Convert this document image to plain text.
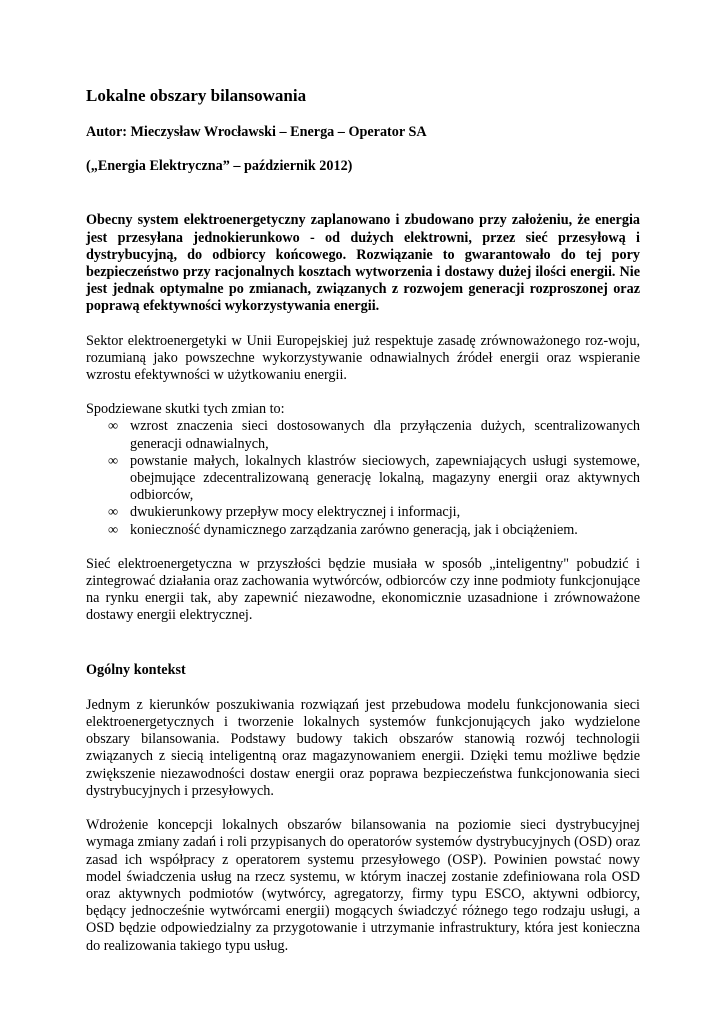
Lokalne obszary bilansowania
Autor: Mieczysław Wrocławski – Energa – Operator SA
(„Energia Elektryczna” – październik 2012)

Obecny system elektroenergetyczny zaplanowano i zbudowano przy założeniu, że energia jest przesyłana jednokierunkowo - od dużych elektrowni, przez sieć przesyłową i dystrybucyjną, do odbiorcy końcowego. Rozwiązanie to gwarantowało do tej pory bezpieczeństwo przy racjonalnych kosztach wytworzenia i dostawy dużej ilości energii. Nie jest jednak optymalne po zmianach, związanych z rozwojem generacji rozproszonej oraz poprawą efektywności wykorzystywania energii.

Sektor elektroenergetyki w Unii Europejskiej już respektuje zasadę zrównoważonego roz-woju, rozumianą jako powszechne wykorzystywanie odnawialnych źródeł energii oraz wspieranie wzrostu efektywności w użytkowaniu energii.

Spodziewane skutki tych zmian to:
∞ wzrost znaczenia sieci dostosowanych dla przyłączenia dużych, scentralizowanych generacji odnawialnych,
∞ powstanie małych, lokalnych klastrów sieciowych, zapewniających usługi systemowe, obejmujące zdecentralizowaną generację lokalną, magazyny energii oraz aktywnych odbiorców,
∞ dwukierunkowy przepływ mocy elektrycznej i informacji,
∞ konieczność dynamicznego zarządzania zarówno generacją, jak i obciążeniem.

Sieć elektroenergetyczna w przyszłości będzie musiała w sposób „inteligentny" pobudzić i zintegrować działania oraz zachowania wytwórców, odbiorców czy inne podmioty funkcjonujące na rynku energii tak, aby zapewnić niezawodne, ekonomicznie uzasadnione i zrównoważone dostawy energii elektrycznej.

Ogólny kontekst

Jednym z kierunków poszukiwania rozwiązań jest przebudowa modelu funkcjonowania sieci elektroenergetycznych i tworzenie lokalnych systemów funkcjonujących jako wydzielone obszary bilansowania. Podstawy budowy takich obszarów stanowią rozwój technologii związanych z siecią inteligentną oraz magazynowaniem energii. Dzięki temu możliwe będzie zwiększenie niezawodności dostaw energii oraz poprawa bezpieczeństwa funkcjonowania sieci dystrybucyjnych i przesyłowych.

Wdrożenie koncepcji lokalnych obszarów bilansowania na poziomie sieci dystrybucyjnej wymaga zmiany zadań i roli przypisanych do operatorów systemów dystrybucyjnych (OSD) oraz zasad ich współpracy z operatorem systemu przesyłowego (OSP). Powinien powstać nowy model świadczenia usług na rzecz systemu, w którym inaczej zostanie zdefiniowana rola OSD oraz aktywnych podmiotów (wytwórcy, agregatorzy, firmy typu ESCO, aktywni odbiorcy, będący jednocześnie wytwórcami energii) mogących świadczyć różnego tego rodzaju usługi, a OSD będzie odpowiedzialny za przygotowanie i utrzymanie infrastruktury, która jest konieczna do realizowania takiego typu usług.
